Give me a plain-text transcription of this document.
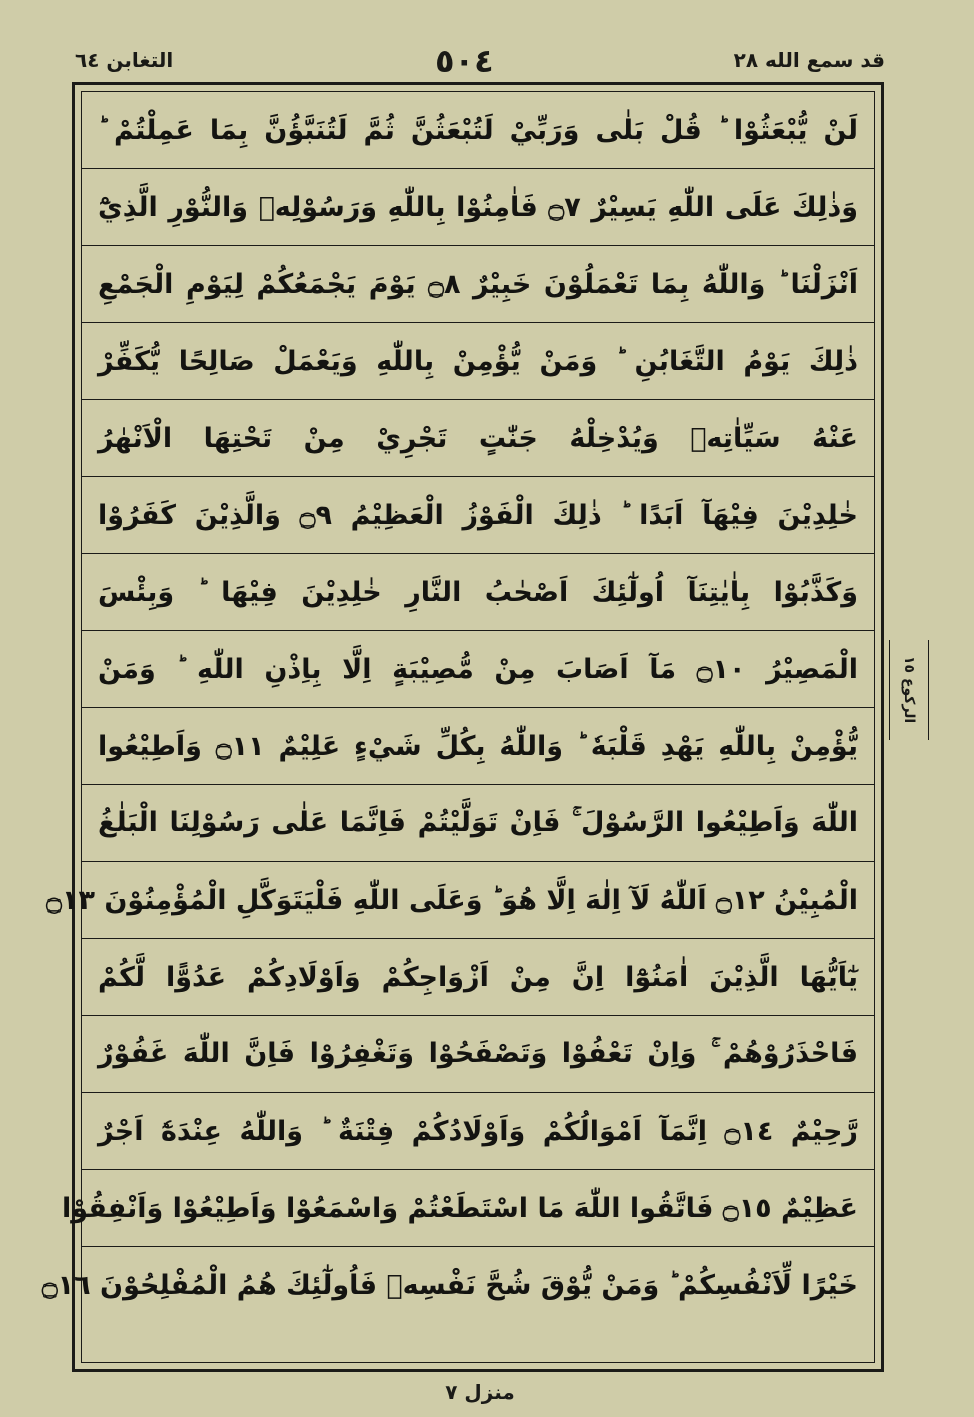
التغابن ٦٤	٥٠٤	قد سمع الله ٢٨
لَنْ يُّبْعَثُوْا ؕ قُلْ بَلٰى وَرَبِّيْ لَتُبْعَثُنَّ ثُمَّ لَتُنَبَّؤُنَّ بِمَا عَمِلْتُمْ ؕ
وَذٰلِكَ عَلَى اللّٰهِ يَسِيْرٌ ۝٧ فَاٰمِنُوْا بِاللّٰهِ وَرَسُوْلِهٖ وَالنُّوْرِ الَّذِيْٓ
اَنْزَلْنَا ؕ وَاللّٰهُ بِمَا تَعْمَلُوْنَ خَبِيْرٌ ۝٨ يَوْمَ يَجْمَعُكُمْ لِيَوْمِ الْجَمْعِ
ذٰلِكَ يَوْمُ التَّغَابُنِ ؕ وَمَنْ يُّؤْمِنْ بِاللّٰهِ وَيَعْمَلْ صَالِحًا يُّكَفِّرْ
عَنْهُ سَيِّاٰتِهٖ وَيُدْخِلْهُ جَنّٰتٍ تَجْرِيْ مِنْ تَحْتِهَا الْاَنْهٰرُ
خٰلِدِيْنَ فِيْهَآ اَبَدًا ؕ ذٰلِكَ الْفَوْزُ الْعَظِيْمُ ۝٩ وَالَّذِيْنَ كَفَرُوْا
وَكَذَّبُوْا بِاٰيٰتِنَآ اُولٰٓئِكَ اَصْحٰبُ النَّارِ خٰلِدِيْنَ فِيْهَا ؕ وَبِئْسَ
الْمَصِيْرُ ۝١٠ مَآ اَصَابَ مِنْ مُّصِيْبَةٍ اِلَّا بِاِذْنِ اللّٰهِ ؕ وَمَنْ
يُّؤْمِنْ بِاللّٰهِ يَهْدِ قَلْبَهٗ ؕ وَاللّٰهُ بِكُلِّ شَيْءٍ عَلِيْمٌ ۝١١ وَاَطِيْعُوا
اللّٰهَ وَاَطِيْعُوا الرَّسُوْلَ ۚ فَاِنْ تَوَلَّيْتُمْ فَاِنَّمَا عَلٰى رَسُوْلِنَا الْبَلٰغُ
الْمُبِيْنُ ۝١٢ اَللّٰهُ لَآ اِلٰهَ اِلَّا هُوَ ؕ وَعَلَى اللّٰهِ فَلْيَتَوَكَّلِ الْمُؤْمِنُوْنَ ۝١٣
يٰٓاَيُّهَا الَّذِيْنَ اٰمَنُوْٓا اِنَّ مِنْ اَزْوَاجِكُمْ وَاَوْلَادِكُمْ عَدُوًّا لَّكُمْ
فَاحْذَرُوْهُمْ ۚ وَاِنْ تَعْفُوْا وَتَصْفَحُوْا وَتَغْفِرُوْا فَاِنَّ اللّٰهَ غَفُوْرٌ
رَّحِيْمٌ ۝١٤ اِنَّمَآ اَمْوَالُكُمْ وَاَوْلَادُكُمْ فِتْنَةٌ ؕ وَاللّٰهُ عِنْدَهٗٓ اَجْرٌ
عَظِيْمٌ ۝١٥ فَاتَّقُوا اللّٰهَ مَا اسْتَطَعْتُمْ وَاسْمَعُوْا وَاَطِيْعُوْا وَاَنْفِقُوْا
خَيْرًا لِّاَنْفُسِكُمْ ؕ وَمَنْ يُّوْقَ شُحَّ نَفْسِهٖ فَاُولٰٓئِكَ هُمُ الْمُفْلِحُوْنَ ۝١٦
الركوع ١٥
منزل ٧
